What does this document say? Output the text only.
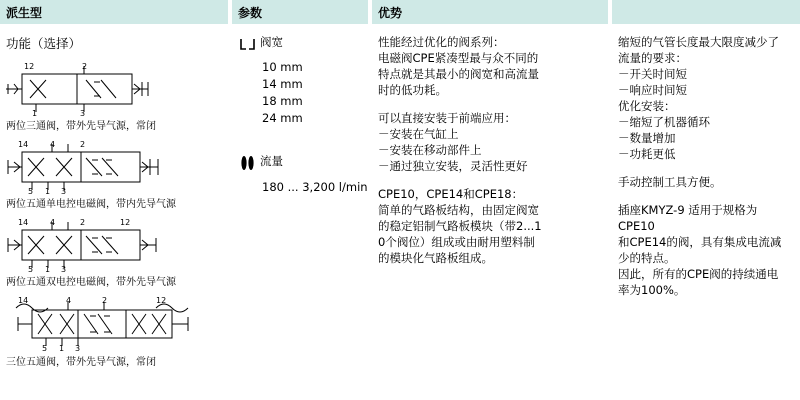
派生型	参数	优势
功能（选择）
12	2
1	3
两位三通阀，带外先导气源，常闭
14	4	2
5 1 3
两位五通单电控电磁阀，带内先导气源
14	4	2	12
5 1 3
两位五通双电控电磁阀，带外先导气源
14	4	2	12
5 1 3
三位五通阀，带外先导气源，常闭
阀宽
10 mm
14 mm
18 mm
24 mm
流量
180 ... 3,200 l/min
性能经过优化的阀系列：
电磁阀CPE紧凑型最与众不同的
特点就是其最小的阀宽和高流量
时的低功耗。
可以直接安装于前端应用：
－安装在气缸上
－安装在移动部件上
－通过独立安装，灵活性更好
CPE10，CPE14和CPE18：
简单的气路板结构，由固定阀宽
的稳定铝制气路板模块（带2...1
0个阀位）组成或由耐用塑料制
的模块化气路板组成。
缩短的气管长度最大限度减少了
流量的要求：
－开关时间短
－响应时间短
优化安装：
－缩短了机器循环
－数量增加
－功耗更低
手动控制工具方便。
插座KMYZ-9 适用于规格为CPE10
和CPE14的阀，具有集成电流减
少的特点。
因此，所有的CPE阀的持续通电
率为100%。
